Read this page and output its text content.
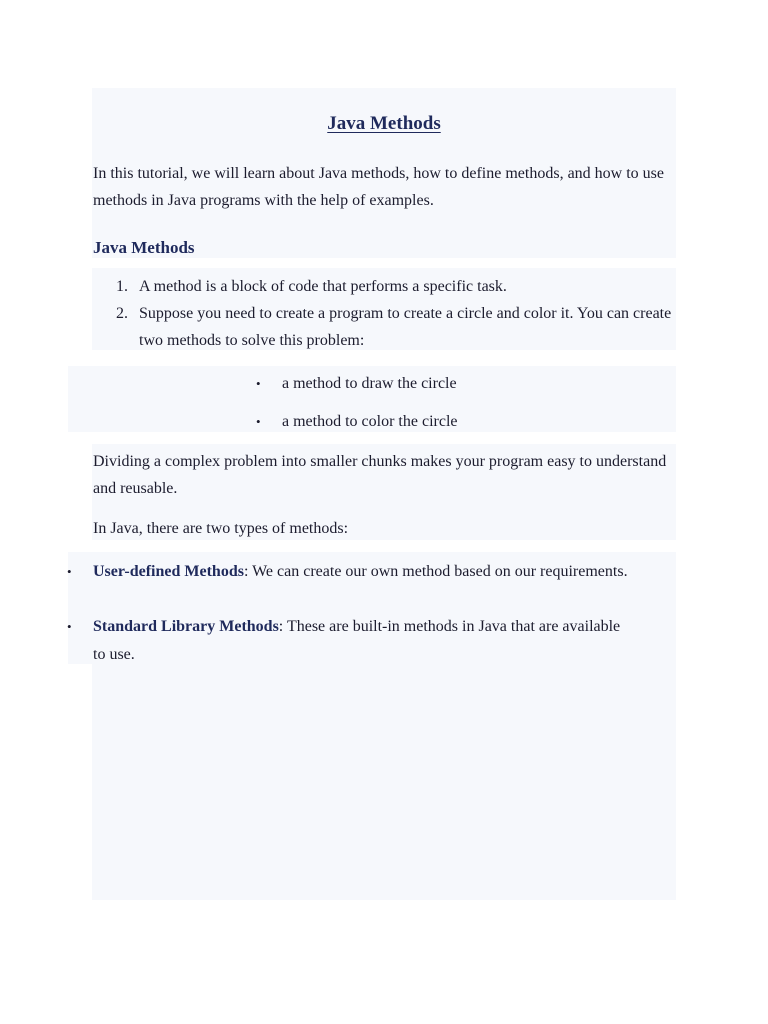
Java Methods
In this tutorial, we will learn about Java methods, how to define methods, and how to use methods in Java programs with the help of examples.
Java Methods
1. A method is a block of code that performs a specific task.
2. Suppose you need to create a program to create a circle and color it. You can create two methods to solve this problem:
• a method to draw the circle
• a method to color the circle
Dividing a complex problem into smaller chunks makes your program easy to understand and reusable.
In Java, there are two types of methods:
• User-defined Methods: We can create our own method based on our requirements.
• Standard Library Methods: These are built-in methods in Java that are available to use.
